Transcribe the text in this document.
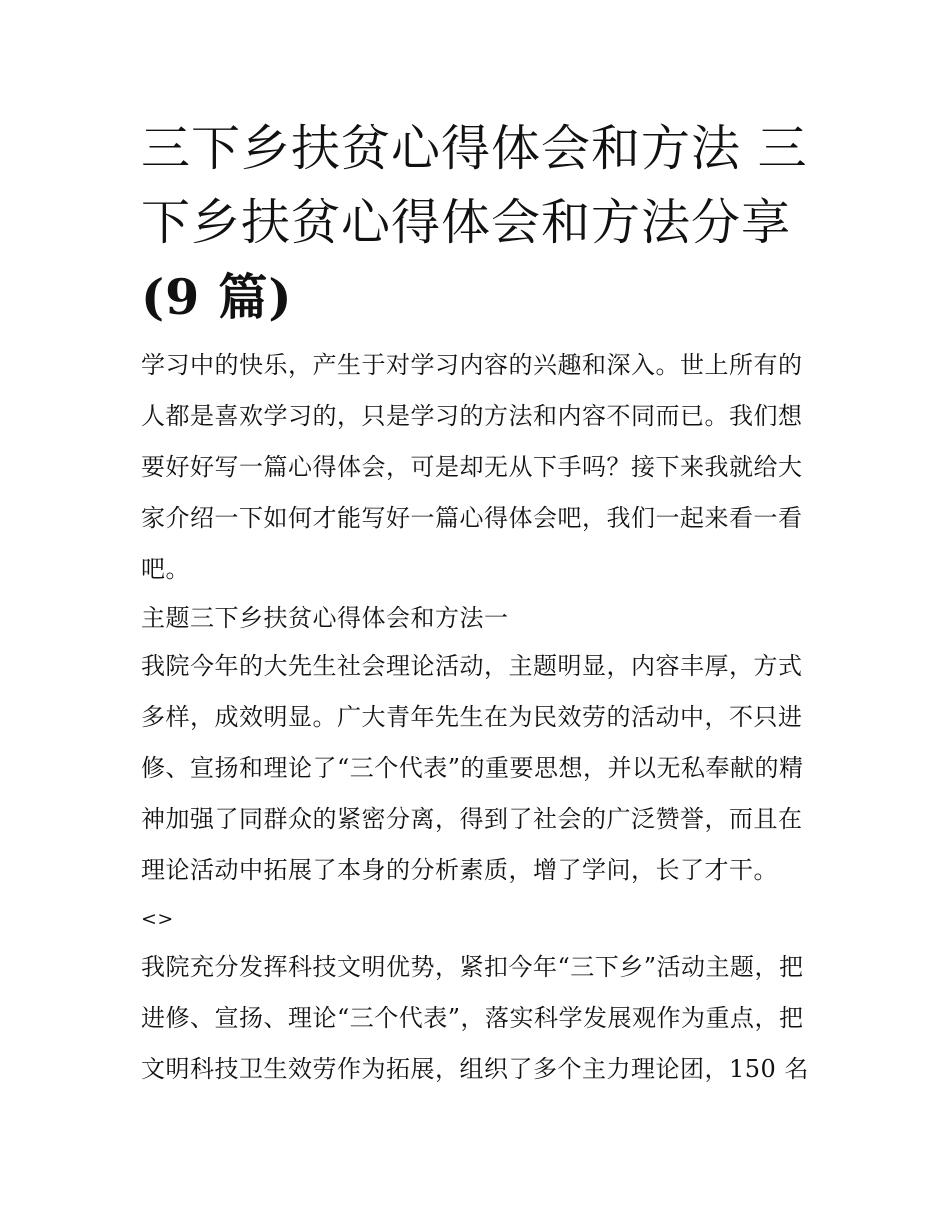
三下乡扶贫心得体会和方法 三
下乡扶贫心得体会和方法分享
(9 篇)
学习中的快乐，产生于对学习内容的兴趣和深入。世上所有的
人都是喜欢学习的，只是学习的方法和内容不同而已。我们想
要好好写一篇心得体会，可是却无从下手吗？接下来我就给大
家介绍一下如何才能写好一篇心得体会吧，我们一起来看一看
吧。
主题三下乡扶贫心得体会和方法一
我院今年的大先生社会理论活动，主题明显，内容丰厚，方式
多样，成效明显。广大青年先生在为民效劳的活动中，不只进
修、宣扬和理论了“三个代表”的重要思想，并以无私奉献的精
神加强了同群众的紧密分离，得到了社会的广泛赞誉，而且在
理论活动中拓展了本身的分析素质，增了学问，长了才干。
<>
我院充分发挥科技文明优势，紧扣今年“三下乡”活动主题，把
进修、宣扬、理论“三个代表”，落实科学发展观作为重点，把
文明科技卫生效劳作为拓展，组织了多个主力理论团，150 名
